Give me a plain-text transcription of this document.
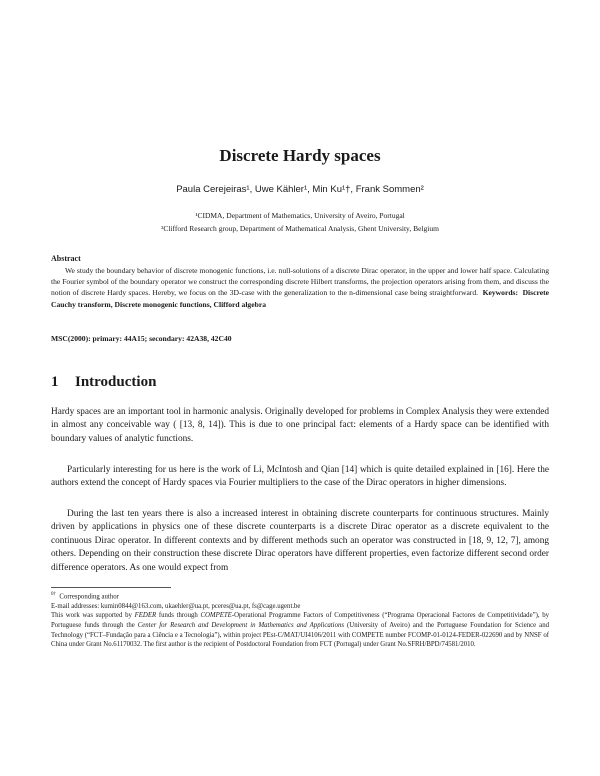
Discrete Hardy spaces
Paula Cerejeiras¹, Uwe Kähler¹, Min Ku¹†, Frank Sommen²
¹CIDMA, Department of Mathematics, University of Aveiro, Portugal
²Clifford Research group, Department of Mathematical Analysis, Ghent University, Belgium
Abstract

We study the boundary behavior of discrete monogenic functions, i.e. null-solutions of a discrete Dirac operator, in the upper and lower half space. Calculating the Fourier symbol of the boundary operator we construct the corresponding discrete Hilbert transforms, the projection operators arising from them, and discuss the notion of discrete Hardy spaces. Hereby, we focus on the 3D-case with the generalization to the n-dimensional case being straightforward. Keywords: Discrete Cauchy transform, Discrete monogenic functions, Clifford algebra

MSC(2000): primary: 44A15; secondary: 42A38, 42C40
1 Introduction

Hardy spaces are an important tool in harmonic analysis. Originally developed for problems in Complex Analysis they were extended in almost any conceivable way ( [13, 8, 14]). This is due to one principal fact: elements of a Hardy space can be identified with boundary values of analytic functions.

Particularly interesting for us here is the work of Li, McIntosh and Qian [14] which is quite detailed explained in [16]. Here the authors extend the concept of Hardy spaces via Fourier multipliers to the case of the Dirac operators in higher dimensions.

During the last ten years there is also a increased interest in obtaining discrete counterparts for continuous structures. Mainly driven by applications in physics one of these discrete counterparts is a discrete Dirac operator as a discrete equivalent to the continuous Dirac operator. In different contexts and by different methods such an operator was constructed in [18, 9, 12, 7], among others. Depending on their construction these discrete Dirac operators have different properties, even factorize different second order difference operators. As one would expect from

$^{0\dagger}$ Corresponding author

E-mail addresses: kumin0844@163.com, ukaehler@ua.pt, pceres@ua.pt, fs@cage.ugent.be

This work was supported by FEDER funds through COMPETE-Operational Programme Factors of Competitiveness (“Programa Operacional Factores de Competitividade”), by Portuguese funds through the Center for Research and Development in Mathematics and Applications (University of Aveiro) and the Portuguese Foundation for Science and Technology (“FCT–Fundação para a Ciência e a Tecnologia”), within project PEst-C/MAT/UI4106/2011 with COMPETE number FCOMP-01-0124-FEDER-022690 and by NNSF of China under Grant No.61170032. The first author is the recipient of Postdoctoral Foundation from FCT (Portugal) under Grant No.SFRH/BPD/74581/2010.
